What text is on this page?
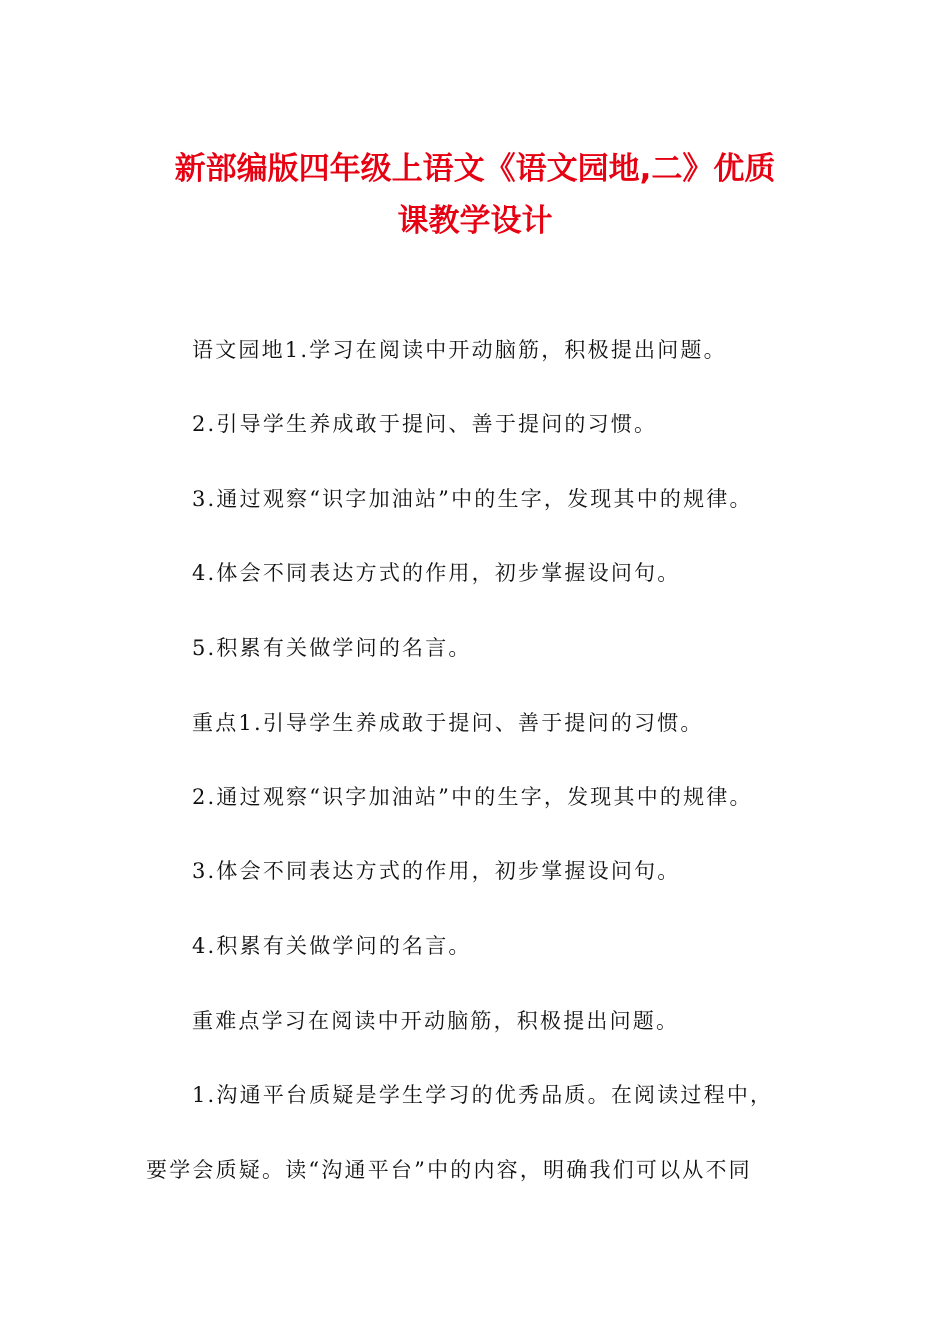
新部编版四年级上语文《语文园地,二》优质
课教学设计

语文园地1.学习在阅读中开动脑筋，积极提出问题。

2.引导学生养成敢于提问、善于提问的习惯。

3.通过观察“识字加油站”中的生字，发现其中的规律。

4.体会不同表达方式的作用，初步掌握设问句。

5.积累有关做学问的名言。

重点1.引导学生养成敢于提问、善于提问的习惯。

2.通过观察“识字加油站”中的生字，发现其中的规律。

3.体会不同表达方式的作用，初步掌握设问句。

4.积累有关做学问的名言。

重难点学习在阅读中开动脑筋，积极提出问题。

1.沟通平台质疑是学生学习的优秀品质。在阅读过程中，

要学会质疑。读“沟通平台”中的内容，明确我们可以从不同
